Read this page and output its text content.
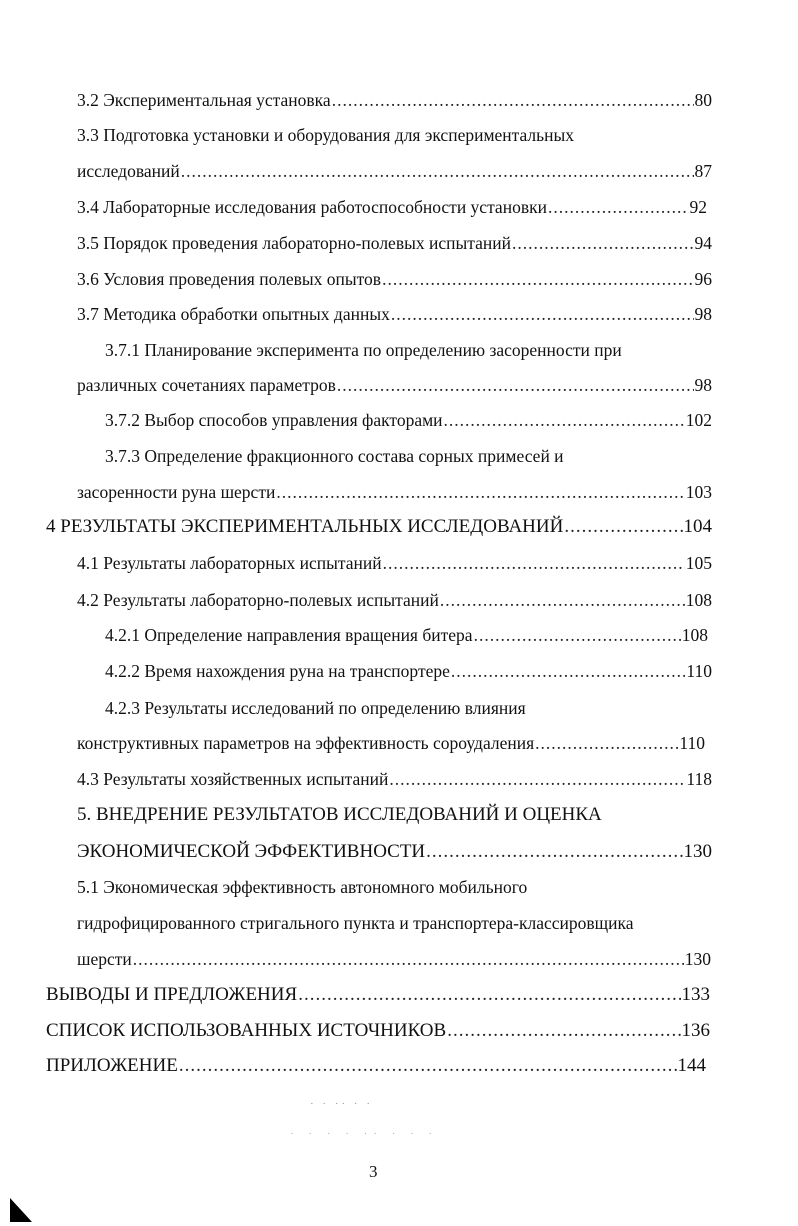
3.2 Экспериментальная установка .....	80
3.3 Подготовка установки и оборудования для экспериментальных
исследований .....	87
3.4 Лабораторные исследования работоспособности установки .....	92
3.5 Порядок проведения лабораторно-полевых испытаний .....	94
3.6 Условия проведения полевых опытов .....	96
3.7 Методика обработки опытных данных .....	98
3.7.1 Планирование эксперимента по определению засоренности при
различных сочетаниях параметров .....	98
3.7.2 Выбор способов управления факторами .....	102
3.7.3 Определение фракционного состава сорных примесей и
засоренности руна шерсти .....	103
4 РЕЗУЛЬТАТЫ ЭКСПЕРИМЕНТАЛЬНЫХ ИССЛЕДОВАНИЙ .....	104
4.1 Результаты лабораторных испытаний .....	105
4.2 Результаты лабораторно-полевых испытаний .....	108
4.2.1 Определение направления вращения битера .....	108
4.2.2 Время нахождения руна на транспортере .....	110
4.2.3 Результаты исследований по определению влияния
конструктивных параметров на эффективность сороудаления .....	110
4.3 Результаты хозяйственных испытаний .....	118
5. ВНЕДРЕНИЕ РЕЗУЛЬТАТОВ ИССЛЕДОВАНИЙ И ОЦЕНКА
ЭКОНОМИЧЕСКОЙ ЭФФЕКТИВНОСТИ .....	130
5.1 Экономическая эффективность автономного мобильного
гидрофицированного стригального пункта и транспортера-классировщика
шерсти .....	130
ВЫВОДЫ И ПРЕДЛОЖЕНИЯ .....	133
СПИСОК ИСПОЛЬЗОВАННЫХ ИСТОЧНИКОВ .....	136
ПРИЛОЖЕНИЕ .....	144
· · ·· · ·
· · · · ·· · · ·
3
